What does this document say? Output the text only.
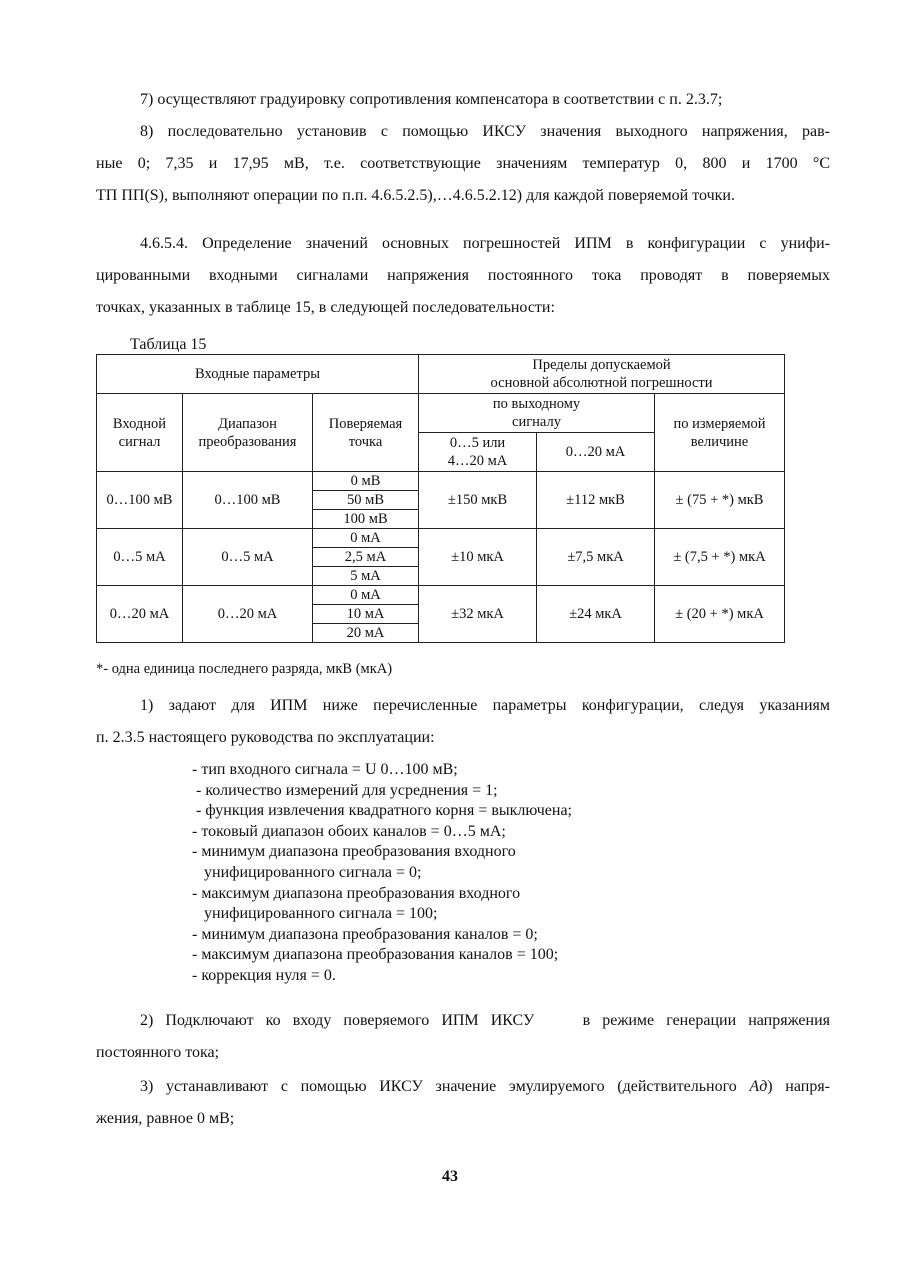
7) осуществляют градуировку сопротивления компенсатора в соответствии с п. 2.3.7;

8) последовательно установив с помощью ИКСУ значения выходного напряжения, рав-
ные 0; 7,35 и 17,95 мВ, т.е. соответствующие значениям температур 0, 800 и 1700 °С
ТП ПП(S), выполняют операции по п.п. 4.6.5.2.5),…4.6.5.2.12) для каждой поверяемой точки.

4.6.5.4. Определение значений основных погрешностей ИПМ в конфигурации с унифи-
цированными входными сигналами напряжения постоянного тока проводят в поверяемых
точках, указанных в таблице 15, в следующей последовательности:

Таблица 15
Входные параметры			Пределы допускаемой
основной абсолютной погрешности		
Входной сигнал	Диапазон преобразования	Поверяемая точка	по выходному
сигналу		по измеряемой величине
			0…5 или
4…20 мА	0…20 мА	
0…100 мВ	0…100 мВ	0 мВ	±150 мкВ	±112 мкВ	± (75 + *) мкВ
		50 мВ			
		100 мВ			
0…5 мА	0…5 мА	0 мА	±10 мкА	±7,5 мкА	± (7,5 + *) мкА
		2,5 мА			
		5 мА			
0…20 мА	0…20 мА	0 мА	±32 мкА	±24 мкА	± (20 + *) мкА
		10 мА			
		20 мА			
*- одна единица последнего разряда, мкВ (мкА)

1) задают для ИПМ ниже перечисленные параметры конфигурации, следуя указаниям
п. 2.3.5 настоящего руководства по эксплуатации:

- тип входного сигнала = U 0…100 мВ;
- количество измерений для усреднения = 1;
- функция извлечения квадратного корня = выключена;
- токовый диапазон обоих каналов = 0…5 мА;
- минимум диапазона преобразования входного
унифицированного сигнала = 0;
- максимум диапазона преобразования входного
унифицированного сигнала = 100;
- минимум диапазона преобразования каналов = 0;
- максимум диапазона преобразования каналов = 100;
- коррекция нуля = 0.

2) Подключают ко входу поверяемого ИПМ ИКСУ    в режиме генерации напряжения
постоянного тока;

3) устанавливают с помощью ИКСУ значение эмулируемого (действительного Aд) напря-
жения, равное 0 мВ;

43
